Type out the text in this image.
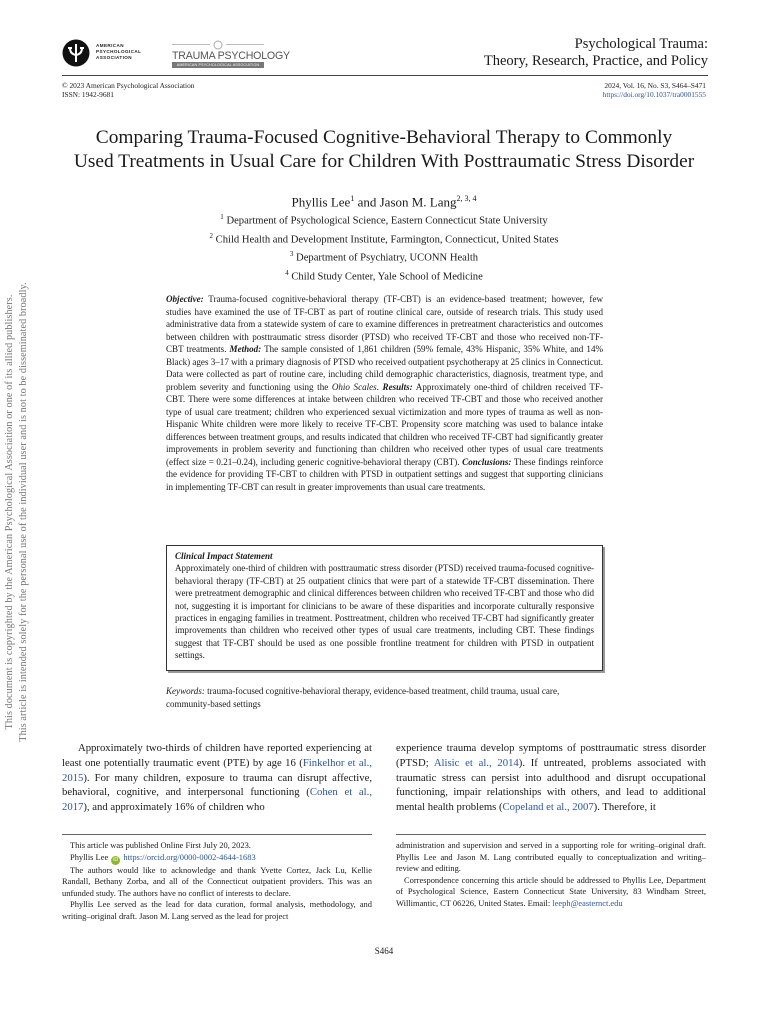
This document is copyrighted by the American Psychological Association or one of its allied publishers. This article is intended solely for the personal use of the individual user and is not to be disseminated broadly.
AMERICAN
PSYCHOLOGICAL
ASSOCIATION	TRAUMA PSYCHOLOGY
AMERICAN PSYCHOLOGICAL ASSOCIATION
Psychological Trauma:
Theory, Research, Practice, and Policy
© 2023 American Psychological Association
ISSN: 1942-9681
2024, Vol. 16, No. S3, S464–S471
https://doi.org/10.1037/tra0001555
Comparing Trauma-Focused Cognitive-Behavioral Therapy to Commonly
Used Treatments in Usual Care for Children With Posttraumatic Stress Disorder
Phyllis Lee$^1$ and Jason M. Lang$^{2, 3, 4}$
$^1$ Department of Psychological Science, Eastern Connecticut State University
$^2$ Child Health and Development Institute, Farmington, Connecticut, United States
$^3$ Department of Psychiatry, UCONN Health
$^4$ Child Study Center, Yale School of Medicine
Objective: Trauma-focused cognitive-behavioral therapy (TF-CBT) is an evidence-based treatment; however, few studies have examined the use of TF-CBT as part of routine clinical care, outside of research trials. This study used administrative data from a statewide system of care to examine differences in pretreatment characteristics and outcomes between children with posttraumatic stress disorder (PTSD) who received TF-CBT and those who received non-TF-CBT treatments. Method: The sample consisted of 1,861 children (59% female, 43% Hispanic, 35% White, and 14% Black) ages 3–17 with a primary diagnosis of PTSD who received outpatient psychotherapy at 25 clinics in Connecticut. Data were collected as part of routine care, including child demographic characteristics, diagnosis, treatment type, and problem severity and functioning using the Ohio Scales. Results: Approximately one-third of children received TF-CBT. There were some differences at intake between children who received TF-CBT and those who received another type of usual care treatment; children who experienced sexual victimization and more types of trauma as well as non-Hispanic White children were more likely to receive TF-CBT. Propensity score matching was used to balance intake differences between treatment groups, and results indicated that children who received TF-CBT had significantly greater improvements in problem severity and functioning than children who received other types of usual care treatments (effect size = 0.21–0.24), including generic cognitive-behavioral therapy (CBT). Conclusions: These findings reinforce the evidence for providing TF-CBT to children with PTSD in outpatient settings and suggest that supporting clinicians in implementing TF-CBT can result in greater improvements than usual care treatments.
Clinical Impact Statement
Approximately one-third of children with posttraumatic stress disorder (PTSD) received trauma-focused cognitive-behavioral therapy (TF-CBT) at 25 outpatient clinics that were part of a statewide TF-CBT dissemination. There were pretreatment demographic and clinical differences between children who received TF-CBT and those who did not, suggesting it is important for clinicians to be aware of these disparities and incorporate culturally responsive practices in engaging families in treatment. Posttreatment, children who received TF-CBT had significantly greater improvements than children who received other types of usual care treatments, including CBT. These findings suggest that TF-CBT should be used as one possible frontline treatment for children with PTSD in outpatient settings.
Keywords: trauma-focused cognitive-behavioral therapy, evidence-based treatment, child trauma, usual care, community-based settings
Approximately two-thirds of children have reported experiencing at least one potentially traumatic event (PTE) by age 16 (Finkelhor et al., 2015). For many children, exposure to trauma can disrupt affective, behavioral, cognitive, and interpersonal functioning (Cohen et al., 2017), and approximately 16% of children who
experience trauma develop symptoms of posttraumatic stress disorder (PTSD; Alisic et al., 2014). If untreated, problems associated with traumatic stress can persist into adulthood and disrupt occupational functioning, impair relationships with others, and lead to additional mental health problems (Copeland et al., 2007). Therefore, it

This article was published Online First July 20, 2023.

Phyllis Lee iD https://orcid.org/0000-0002-4644-1683

The authors would like to acknowledge and thank Yvette Cortez, Jack Lu, Kellie Randall, Bethany Zorba, and all of the Connecticut outpatient providers. This was an unfunded study. The authors have no conflict of interests to declare.

Phyllis Lee served as the lead for data curation, formal analysis, methodology, and writing–original draft. Jason M. Lang served as the lead for project

administration and supervision and served in a supporting role for writing–original draft. Phyllis Lee and Jason M. Lang contributed equally to conceptualization and writing–review and editing.

Correspondence concerning this article should be addressed to Phyllis Lee, Department of Psychological Science, Eastern Connecticut State University, 83 Windham Street, Willimantic, CT 06226, United States. Email: leeph@easternct.edu

S464
